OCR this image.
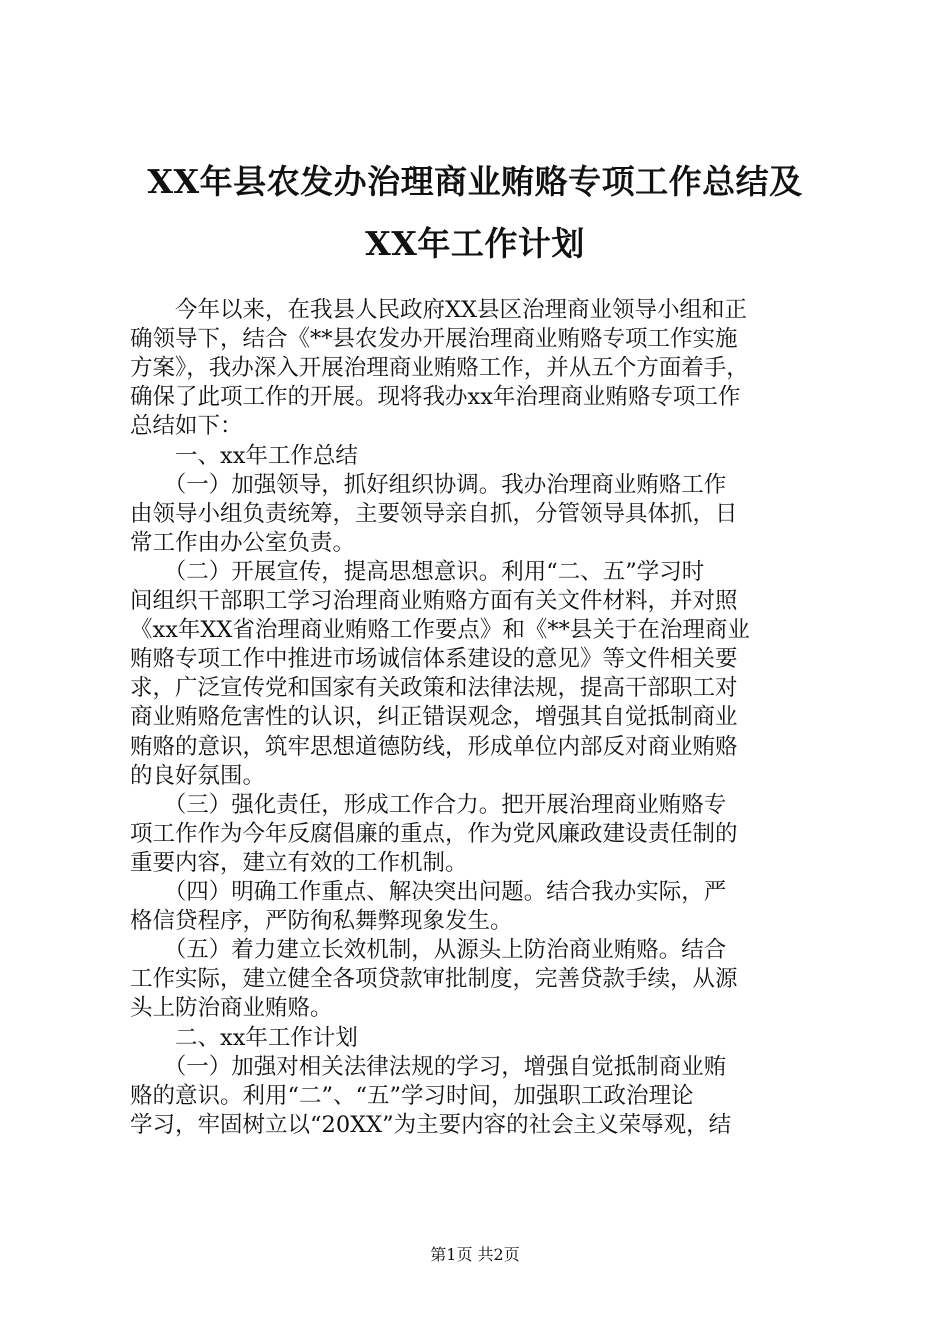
XX年县农发办治理商业贿赂专项工作总结及
XX年工作计划
　　今年以来，在我县人民政府XX县区治理商业领导小组和正
确领导下，结合《**县农发办开展治理商业贿赂专项工作实施
方案》，我办深入开展治理商业贿赂工作，并从五个方面着手，
确保了此项工作的开展。现将我办xx年治理商业贿赂专项工作
总结如下：
　　一、xx年工作总结
　　（一）加强领导，抓好组织协调。我办治理商业贿赂工作
由领导小组负责统筹，主要领导亲自抓，分管领导具体抓，日
常工作由办公室负责。
　　（二）开展宣传，提高思想意识。利用“二、五”学习时
间组织干部职工学习治理商业贿赂方面有关文件材料，并对照
《xx年XX省治理商业贿赂工作要点》和《**县关于在治理商业
贿赂专项工作中推进市场诚信体系建设的意见》等文件相关要
求，广泛宣传党和国家有关政策和法律法规，提高干部职工对
商业贿赂危害性的认识，纠正错误观念，增强其自觉抵制商业
贿赂的意识，筑牢思想道德防线，形成单位内部反对商业贿赂
的良好氛围。
　　（三）强化责任，形成工作合力。把开展治理商业贿赂专
项工作作为今年反腐倡廉的重点，作为党风廉政建设责任制的
重要内容，建立有效的工作机制。
　　（四）明确工作重点、解决突出问题。结合我办实际，严
格信贷程序，严防徇私舞弊现象发生。
　　（五）着力建立长效机制，从源头上防治商业贿赂。结合
工作实际，建立健全各项贷款审批制度，完善贷款手续，从源
头上防治商业贿赂。
　　二、xx年工作计划
　　（一）加强对相关法律法规的学习，增强自觉抵制商业贿
赂的意识。利用“二”、“五”学习时间，加强职工政治理论
学习，牢固树立以“20XX”为主要内容的社会主义荣辱观，结
第1页 共2页
